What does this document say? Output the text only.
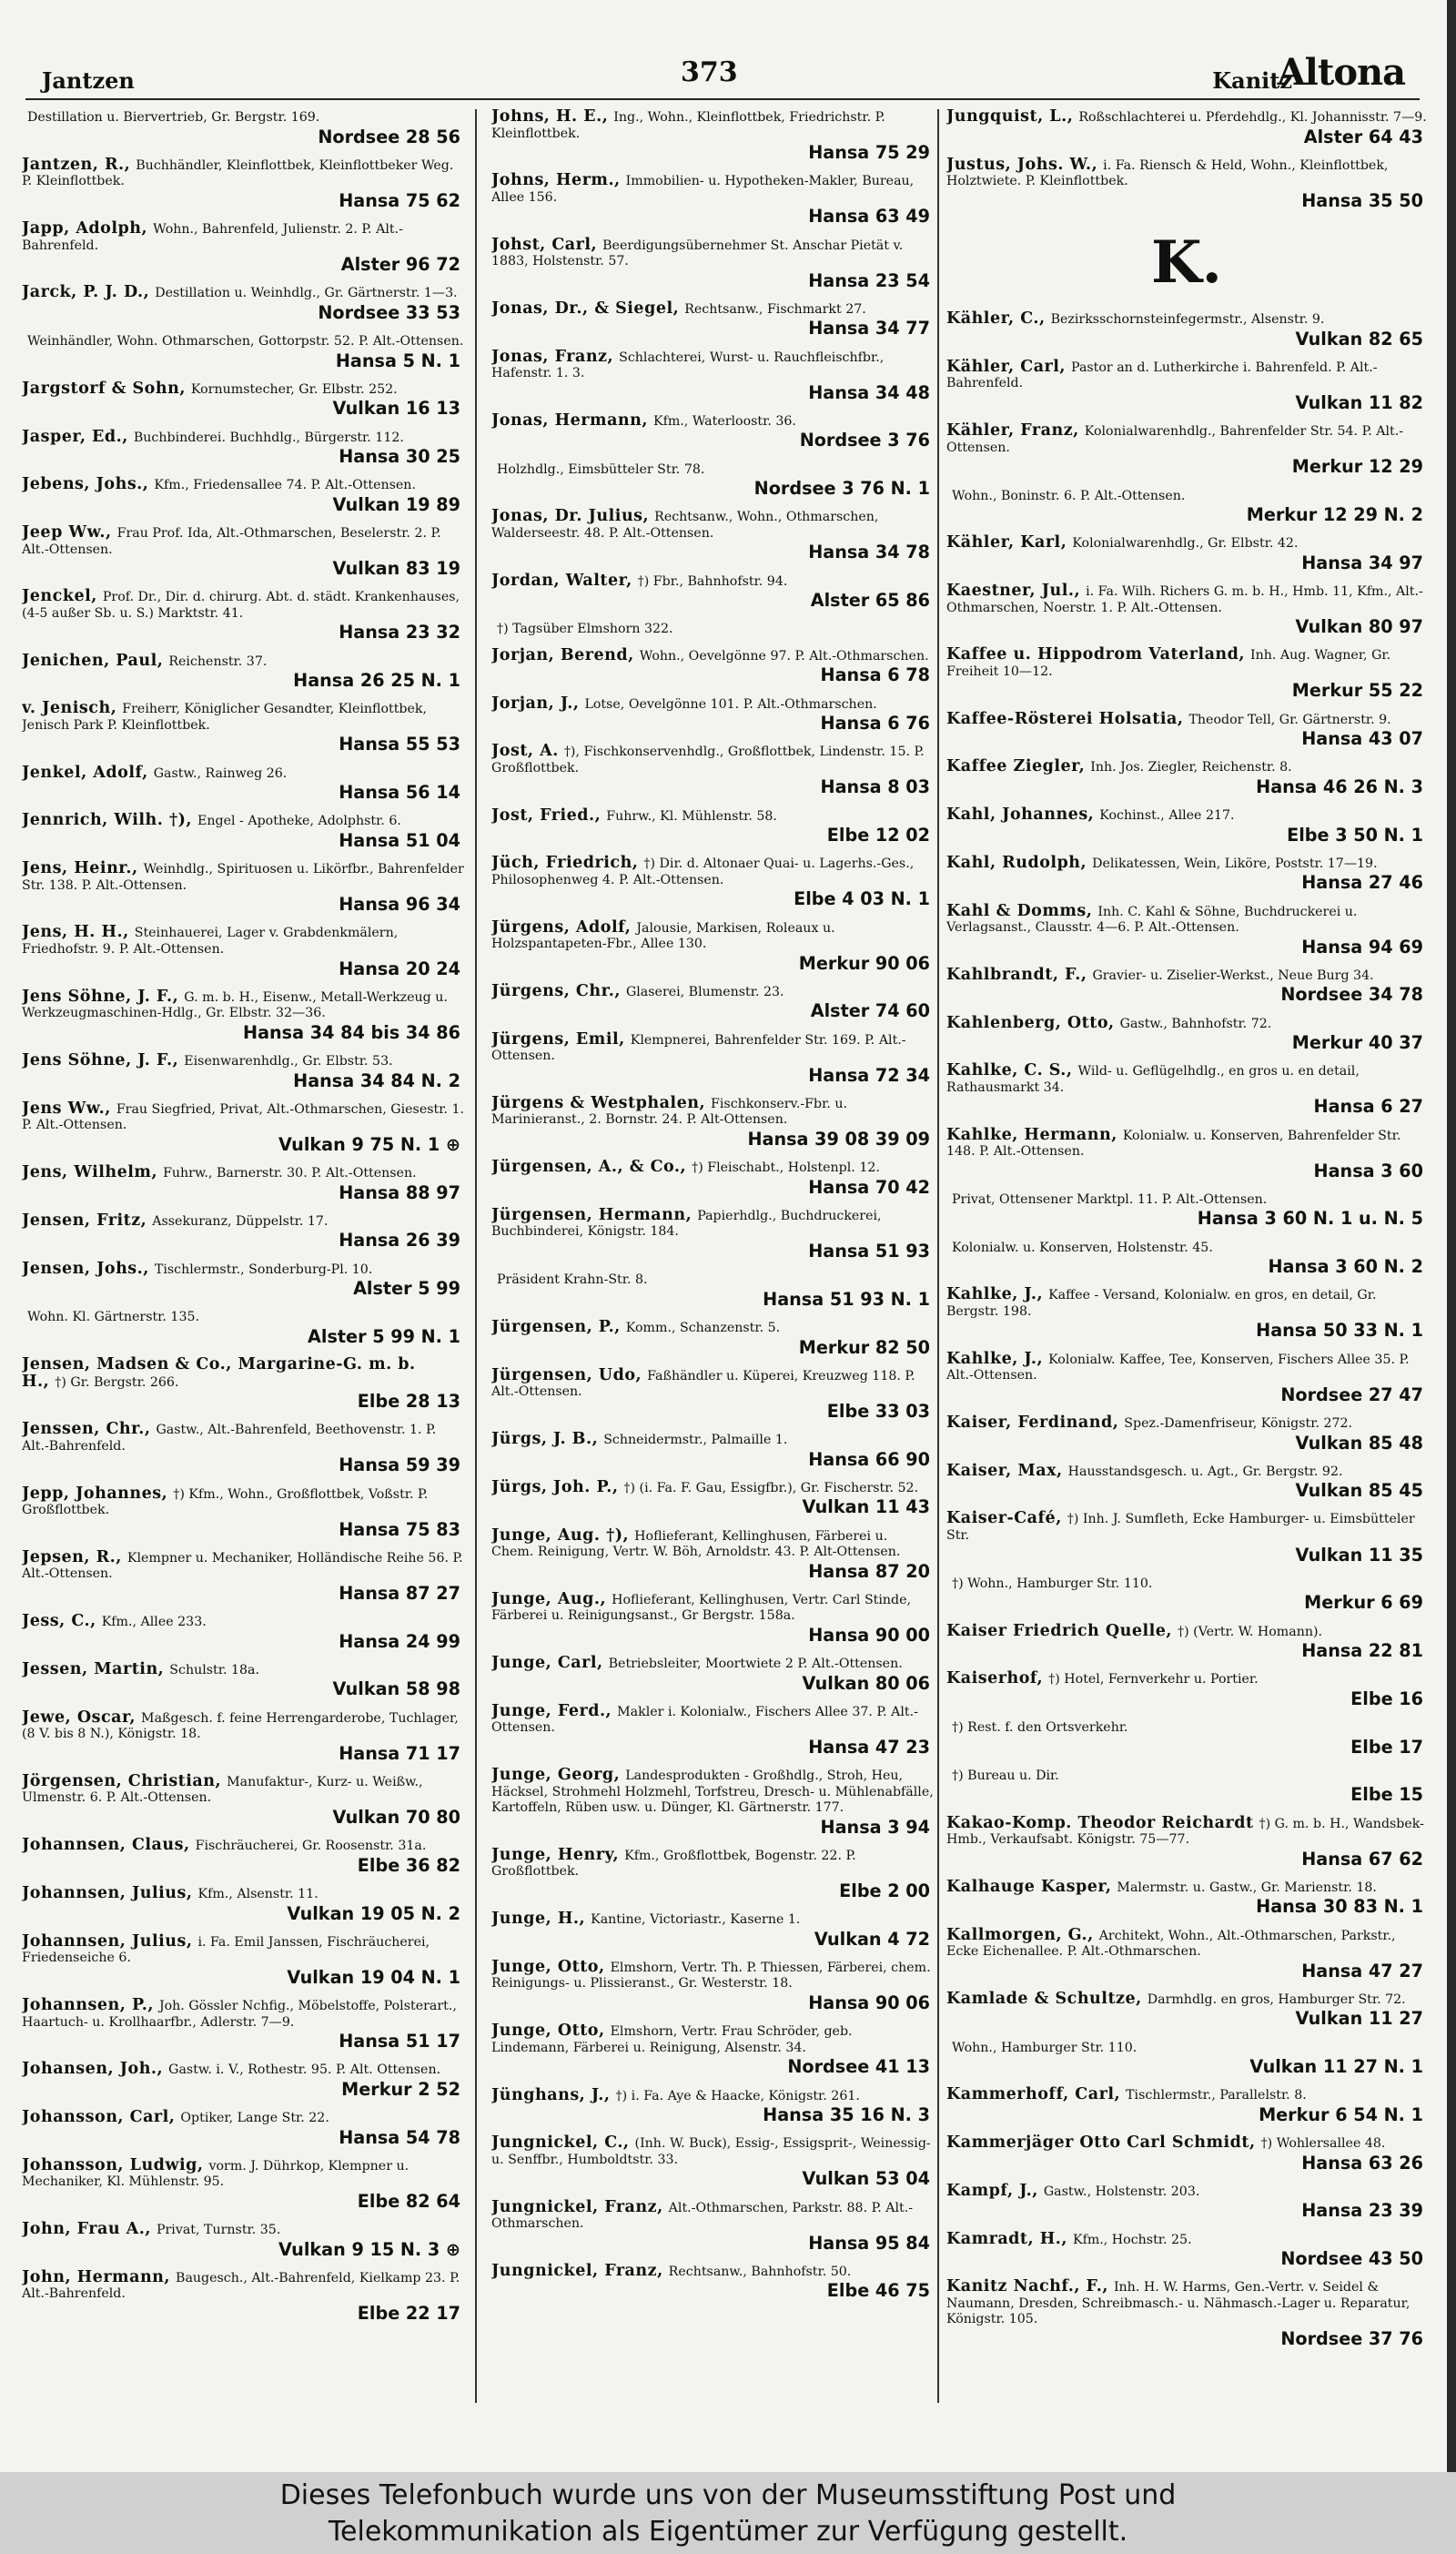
Jantzen	373	Kanitz
Altona
Destillation u. Biervertrieb, Gr. Bergstr. 169.
Nordsee 28 56
Jantzen, R., Buchhändler, Kleinflottbek, Kleinflottbeker Weg. P. Kleinflottbek.
Hansa 75 62
Japp, Adolph, Wohn., Bahrenfeld, Julienstr. 2. P. Alt.-Bahrenfeld.
Alster 96 72
Jarck, P. J. D., Destillation u. Weinhdlg., Gr. Gärtnerstr. 1—3.
Nordsee 33 53
Weinhändler, Wohn. Othmarschen, Gottorpstr. 52. P. Alt.-Ottensen.
Hansa 5 N. 1
Jargstorf & Sohn, Kornumstecher, Gr. Elbstr. 252.
Vulkan 16 13
Jasper, Ed., Buchbinderei. Buchhdlg., Bürgerstr. 112.
Hansa 30 25
Jebens, Johs., Kfm., Friedensallee 74. P. Alt.-Ottensen.
Vulkan 19 89
Jeep Ww., Frau Prof. Ida, Alt.-Othmarschen, Beselerstr. 2. P. Alt.-Ottensen.
Vulkan 83 19
Jenckel, Prof. Dr., Dir. d. chirurg. Abt. d. städt. Krankenhauses, (4-5 außer Sb. u. S.) Marktstr. 41.
Hansa 23 32
Jenichen, Paul, Reichenstr. 37.
Hansa 26 25 N. 1
v. Jenisch, Freiherr, Königlicher Gesandter, Kleinflottbek, Jenisch Park P. Kleinflottbek.
Hansa 55 53
Jenkel, Adolf, Gastw., Rainweg 26.
Hansa 56 14
Jennrich, Wilh. †), Engel - Apotheke, Adolphstr. 6.
Hansa 51 04
Jens, Heinr., Weinhdlg., Spirituosen u. Likörfbr., Bahrenfelder Str. 138. P. Alt.-Ottensen.
Hansa 96 34
Jens, H. H., Steinhauerei, Lager v. Grabdenkmälern, Friedhofstr. 9. P. Alt.-Ottensen.
Hansa 20 24
Jens Söhne, J. F., G. m. b. H., Eisenw., Metall-Werkzeug u. Werkzeugmaschinen-Hdlg., Gr. Elbstr. 32—36.
Hansa 34 84 bis 34 86
Jens Söhne, J. F., Eisenwarenhdlg., Gr. Elbstr. 53.
Hansa 34 84 N. 2
Jens Ww., Frau Siegfried, Privat, Alt.-Othmarschen, Giesestr. 1. P. Alt.-Ottensen.
Vulkan 9 75 N. 1 ⊕
Jens, Wilhelm, Fuhrw., Barnerstr. 30. P. Alt.-Ottensen.
Hansa 88 97
Jensen, Fritz, Assekuranz, Düppelstr. 17.
Hansa 26 39
Jensen, Johs., Tischlermstr., Sonderburg-Pl. 10.
Alster 5 99
Wohn. Kl. Gärtnerstr. 135.
Alster 5 99 N. 1
Jensen, Madsen & Co., Margarine-G. m. b. H., †) Gr. Bergstr. 266.
Elbe 28 13
Jenssen, Chr., Gastw., Alt.-Bahrenfeld, Beethovenstr. 1. P. Alt.-Bahrenfeld.
Hansa 59 39
Jepp, Johannes, †) Kfm., Wohn., Großflottbek, Voßstr. P. Großflottbek.
Hansa 75 83
Jepsen, R., Klempner u. Mechaniker, Holländische Reihe 56. P. Alt.-Ottensen.
Hansa 87 27
Jess, C., Kfm., Allee 233.
Hansa 24 99
Jessen, Martin, Schulstr. 18a.
Vulkan 58 98
Jewe, Oscar, Maßgesch. f. feine Herrengarderobe, Tuchlager, (8 V. bis 8 N.), Königstr. 18.
Hansa 71 17
Jörgensen, Christian, Manufaktur-, Kurz- u. Weißw., Ulmenstr. 6. P. Alt.-Ottensen.
Vulkan 70 80
Johannsen, Claus, Fischräucherei, Gr. Roosenstr. 31a.
Elbe 36 82
Johannsen, Julius, Kfm., Alsenstr. 11.
Vulkan 19 05 N. 2
Johannsen, Julius, i. Fa. Emil Janssen, Fischräucherei, Friedenseiche 6.
Vulkan 19 04 N. 1
Johannsen, P., Joh. Gössler Nchfig., Möbelstoffe, Polsterart., Haartuch- u. Krollhaarfbr., Adlerstr. 7—9.
Hansa 51 17
Johansen, Joh., Gastw. i. V., Rothestr. 95. P. Alt. Ottensen.
Merkur 2 52
Johansson, Carl, Optiker, Lange Str. 22.
Hansa 54 78
Johansson, Ludwig, vorm. J. Dührkop, Klempner u. Mechaniker, Kl. Mühlenstr. 95.
Elbe 82 64
John, Frau A., Privat, Turnstr. 35.
Vulkan 9 15 N. 3 ⊕
John, Hermann, Baugesch., Alt.-Bahrenfeld, Kielkamp 23. P. Alt.-Bahrenfeld.
Elbe 22 17
Johns, H. E., Ing., Wohn., Kleinflottbek, Friedrichstr. P. Kleinflottbek.
Hansa 75 29
Johns, Herm., Immobilien- u. Hypotheken-Makler, Bureau, Allee 156.
Hansa 63 49
Johst, Carl, Beerdigungsübernehmer St. Anschar Pietät v. 1883, Holstenstr. 57.
Hansa 23 54
Jonas, Dr., & Siegel, Rechtsanw., Fischmarkt 27.
Hansa 34 77
Jonas, Franz, Schlachterei, Wurst- u. Rauchfleischfbr., Hafenstr. 1. 3.
Hansa 34 48
Jonas, Hermann, Kfm., Waterloostr. 36.
Nordsee 3 76
Holzhdlg., Eimsbütteler Str. 78.
Nordsee 3 76 N. 1
Jonas, Dr. Julius, Rechtsanw., Wohn., Othmarschen, Walderseestr. 48. P. Alt.-Ottensen.
Hansa 34 78
Jordan, Walter, †) Fbr., Bahnhofstr. 94.
Alster 65 86
†) Tagsüber Elmshorn 322.
Jorjan, Berend, Wohn., Oevelgönne 97. P. Alt.-Othmarschen.
Hansa 6 78
Jorjan, J., Lotse, Oevelgönne 101. P. Alt.-Othmarschen.
Hansa 6 76
Jost, A. †), Fischkonservenhdlg., Großflottbek, Lindenstr. 15. P. Großflottbek.
Hansa 8 03
Jost, Fried., Fuhrw., Kl. Mühlenstr. 58.
Elbe 12 02
Jüch, Friedrich, †) Dir. d. Altonaer Quai- u. Lagerhs.-Ges., Philosophenweg 4. P. Alt.-Ottensen.
Elbe 4 03 N. 1
Jürgens, Adolf, Jalousie, Markisen, Roleaux u. Holzspantapeten-Fbr., Allee 130.
Merkur 90 06
Jürgens, Chr., Glaserei, Blumenstr. 23.
Alster 74 60
Jürgens, Emil, Klempnerei, Bahrenfelder Str. 169. P. Alt.-Ottensen.
Hansa 72 34
Jürgens & Westphalen, Fischkonserv.-Fbr. u. Marinieranst., 2. Bornstr. 24. P. Alt-Ottensen.
Hansa 39 08 39 09
Jürgensen, A., & Co., †) Fleischabt., Holstenpl. 12.
Hansa 70 42
Jürgensen, Hermann, Papierhdlg., Buchdruckerei, Buchbinderei, Königstr. 184.
Hansa 51 93
Präsident Krahn-Str. 8.
Hansa 51 93 N. 1
Jürgensen, P., Komm., Schanzenstr. 5.
Merkur 82 50
Jürgensen, Udo, Faßhändler u. Küperei, Kreuzweg 118. P. Alt.-Ottensen.
Elbe 33 03
Jürgs, J. B., Schneidermstr., Palmaille 1.
Hansa 66 90
Jürgs, Joh. P., †) (i. Fa. F. Gau, Essigfbr.), Gr. Fischerstr. 52.
Vulkan 11 43
Junge, Aug. †), Hoflieferant, Kellinghusen, Färberei u. Chem. Reinigung, Vertr. W. Böh, Arnoldstr. 43. P. Alt-Ottensen.
Hansa 87 20
Junge, Aug., Hoflieferant, Kellinghusen, Vertr. Carl Stinde, Färberei u. Reinigungsanst., Gr Bergstr. 158a.
Hansa 90 00
Junge, Carl, Betriebsleiter, Moortwiete 2 P. Alt.-Ottensen.
Vulkan 80 06
Junge, Ferd., Makler i. Kolonialw., Fischers Allee 37. P. Alt.-Ottensen.
Hansa 47 23
Junge, Georg, Landesprodukten - Großhdlg., Stroh, Heu, Häcksel, Strohmehl Holzmehl, Torfstreu, Dresch- u. Mühlenabfälle, Kartoffeln, Rüben usw. u. Dünger, Kl. Gärtnerstr. 177.
Hansa 3 94
Junge, Henry, Kfm., Großflottbek, Bogenstr. 22. P. Großflottbek.
Elbe 2 00
Junge, H., Kantine, Victoriastr., Kaserne 1.
Vulkan 4 72
Junge, Otto, Elmshorn, Vertr. Th. P. Thiessen, Färberei, chem. Reinigungs- u. Plissieranst., Gr. Westerstr. 18.
Hansa 90 06
Junge, Otto, Elmshorn, Vertr. Frau Schröder, geb. Lindemann, Färberei u. Reinigung, Alsenstr. 34.
Nordsee 41 13
Jünghans, J., †) i. Fa. Aye & Haacke, Königstr. 261.
Hansa 35 16 N. 3
Jungnickel, C., (Inh. W. Buck), Essig-, Essigsprit-, Weinessig- u. Senffbr., Humboldtstr. 33.
Vulkan 53 04
Jungnickel, Franz, Alt.-Othmarschen, Parkstr. 88. P. Alt.-Othmarschen.
Hansa 95 84
Jungnickel, Franz, Rechtsanw., Bahnhofstr. 50.
Elbe 46 75
Jungquist, L., Roßschlachterei u. Pferdehdlg., Kl. Johannisstr. 7—9.
Alster 64 43
Justus, Johs. W., i. Fa. Riensch & Held, Wohn., Kleinflottbek, Holztwiete. P. Kleinflottbek.
Hansa 35 50
K.
Kähler, C., Bezirksschornsteinfegermstr., Alsenstr. 9.
Vulkan 82 65
Kähler, Carl, Pastor an d. Lutherkirche i. Bahrenfeld. P. Alt.-Bahrenfeld.
Vulkan 11 82
Kähler, Franz, Kolonialwarenhdlg., Bahrenfelder Str. 54. P. Alt.-Ottensen.
Merkur 12 29
Wohn., Boninstr. 6. P. Alt.-Ottensen.
Merkur 12 29 N. 2
Kähler, Karl, Kolonialwarenhdlg., Gr. Elbstr. 42.
Hansa 34 97
Kaestner, Jul., i. Fa. Wilh. Richers G. m. b. H., Hmb. 11, Kfm., Alt.-Othmarschen, Noerstr. 1. P. Alt.-Ottensen.
Vulkan 80 97
Kaffee u. Hippodrom Vaterland, Inh. Aug. Wagner, Gr. Freiheit 10—12.
Merkur 55 22
Kaffee-Rösterei Holsatia, Theodor Tell, Gr. Gärtnerstr. 9.
Hansa 43 07
Kaffee Ziegler, Inh. Jos. Ziegler, Reichenstr. 8.
Hansa 46 26 N. 3
Kahl, Johannes, Kochinst., Allee 217.
Elbe 3 50 N. 1
Kahl, Rudolph, Delikatessen, Wein, Liköre, Poststr. 17—19.
Hansa 27 46
Kahl & Domms, Inh. C. Kahl & Söhne, Buchdruckerei u. Verlagsanst., Clausstr. 4—6. P. Alt.-Ottensen.
Hansa 94 69
Kahlbrandt, F., Gravier- u. Ziselier-Werkst., Neue Burg 34.
Nordsee 34 78
Kahlenberg, Otto, Gastw., Bahnhofstr. 72.
Merkur 40 37
Kahlke, C. S., Wild- u. Geflügelhdlg., en gros u. en detail, Rathausmarkt 34.
Hansa 6 27
Kahlke, Hermann, Kolonialw. u. Konserven, Bahrenfelder Str. 148. P. Alt.-Ottensen.
Hansa 3 60
Privat, Ottensener Marktpl. 11. P. Alt.-Ottensen.
Hansa 3 60 N. 1 u. N. 5
Kolonialw. u. Konserven, Holstenstr. 45.
Hansa 3 60 N. 2
Kahlke, J., Kaffee - Versand, Kolonialw. en gros, en detail, Gr. Bergstr. 198.
Hansa 50 33 N. 1
Kahlke, J., Kolonialw. Kaffee, Tee, Konserven, Fischers Allee 35. P. Alt.-Ottensen.
Nordsee 27 47
Kaiser, Ferdinand, Spez.-Damenfriseur, Königstr. 272.
Vulkan 85 48
Kaiser, Max, Hausstandsgesch. u. Agt., Gr. Bergstr. 92.
Vulkan 85 45
Kaiser-Café, †) Inh. J. Sumfleth, Ecke Hamburger- u. Eimsbütteler Str.
Vulkan 11 35
†) Wohn., Hamburger Str. 110.
Merkur 6 69
Kaiser Friedrich Quelle, †) (Vertr. W. Homann).
Hansa 22 81
Kaiserhof, †) Hotel, Fernverkehr u. Portier.
Elbe 16
†) Rest. f. den Ortsverkehr.
Elbe 17
†) Bureau u. Dir.
Elbe 15
Kakao-Komp. Theodor Reichardt †) G. m. b. H., Wandsbek-Hmb., Verkaufsabt. Königstr. 75—77.
Hansa 67 62
Kalhauge Kasper, Malermstr. u. Gastw., Gr. Marienstr. 18.
Hansa 30 83 N. 1
Kallmorgen, G., Architekt, Wohn., Alt.-Othmarschen, Parkstr., Ecke Eichenallee. P. Alt.-Othmarschen.
Hansa 47 27
Kamlade & Schultze, Darmhdlg. en gros, Hamburger Str. 72.
Vulkan 11 27
Wohn., Hamburger Str. 110.
Vulkan 11 27 N. 1
Kammerhoff, Carl, Tischlermstr., Parallelstr. 8.
Merkur 6 54 N. 1
Kammerjäger Otto Carl Schmidt, †) Wohlersallee 48.
Hansa 63 26
Kampf, J., Gastw., Holstenstr. 203.
Hansa 23 39
Kamradt, H., Kfm., Hochstr. 25.
Nordsee 43 50
Kanitz Nachf., F., Inh. H. W. Harms, Gen.-Vertr. v. Seidel & Naumann, Dresden, Schreibmasch.- u. Nähmasch.-Lager u. Reparatur, Königstr. 105.
Nordsee 37 76
Dieses Telefonbuch wurde uns von der Museumsstiftung Post und
Telekommunikation als Eigentümer zur Verfügung gestellt.
